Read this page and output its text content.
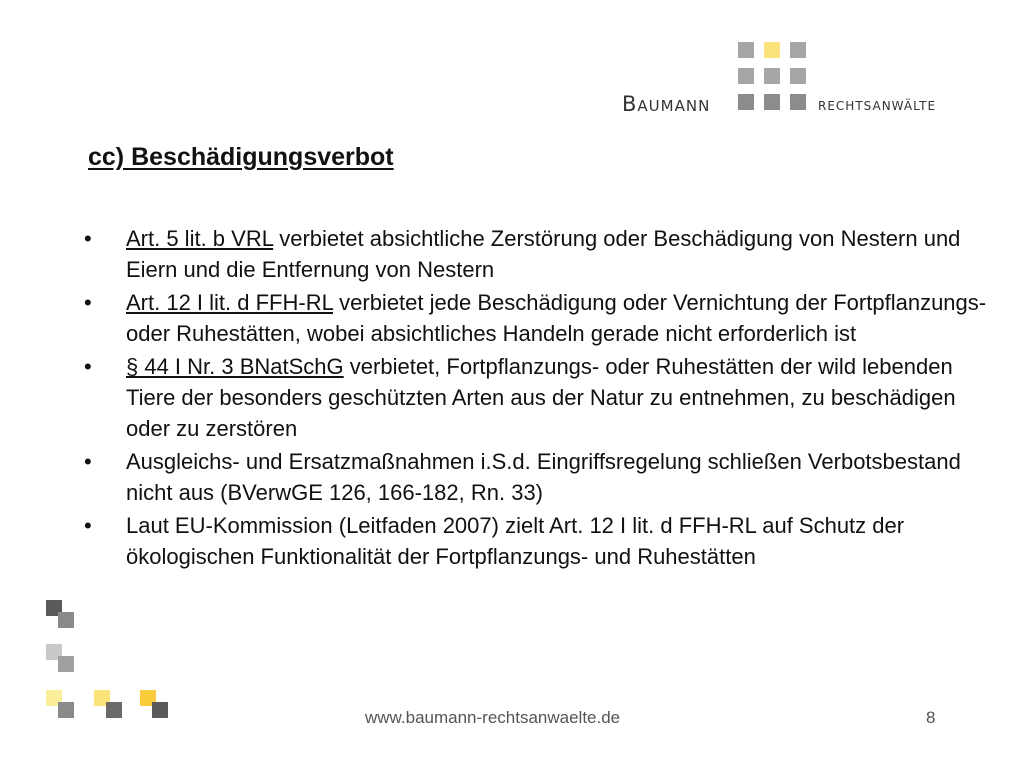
Baumann	rechtsanwälte
cc) Beschädigungsverbot
• Art. 5 lit. b VRL verbietet absichtliche Zerstörung oder Beschädigung von Nestern und Eiern und die Entfernung von Nestern
• Art. 12 I lit. d FFH-RL verbietet jede Beschädigung oder Vernichtung der Fortpflanzungs- oder Ruhestätten, wobei absichtliches Handeln gerade nicht erforderlich ist
• § 44 I Nr. 3 BNatSchG verbietet, Fortpflanzungs- oder Ruhestätten der wild lebenden Tiere der besonders geschützten Arten aus der Natur zu entnehmen, zu beschädigen oder zu zerstören
• Ausgleichs- und Ersatzmaßnahmen i.S.d. Eingriffsregelung schließen Verbotsbestand nicht aus (BVerwGE 126, 166-182, Rn. 33)
• Laut EU-Kommission (Leitfaden 2007) zielt Art. 12 I lit. d FFH-RL auf Schutz der ökologischen Funktionalität der Fortpflanzungs- und Ruhestätten
www.baumann-rechtsanwaelte.de	8
